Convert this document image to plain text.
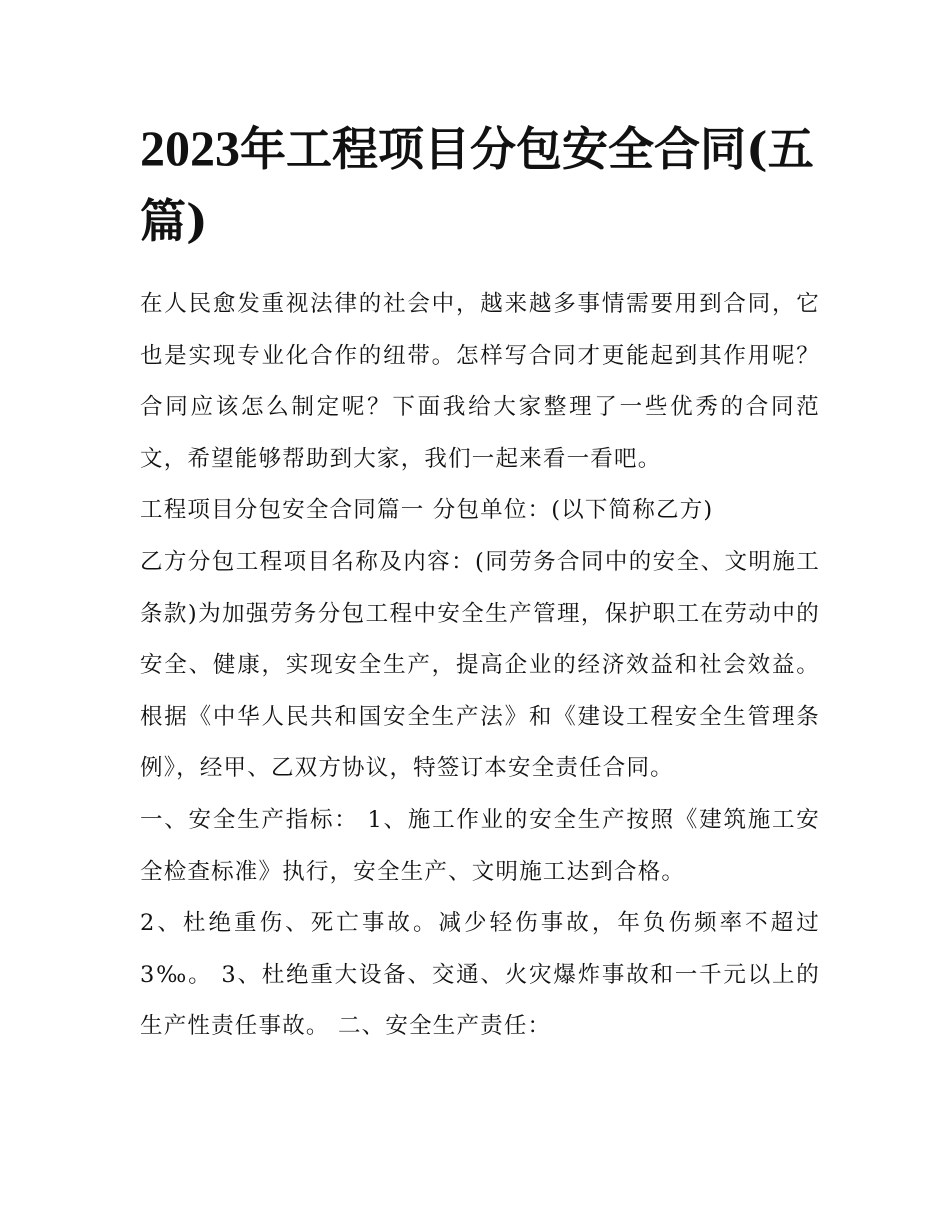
2023年工程项目分包安全合同(五篇)

在人民愈发重视法律的社会中，越来越多事情需要用到合同，它也是实现专业化合作的纽带。怎样写合同才更能起到其作用呢？合同应该怎么制定呢？下面我给大家整理了一些优秀的合同范文，希望能够帮助到大家，我们一起来看一看吧。

工程项目分包安全合同篇一 分包单位：(以下简称乙方)

乙方分包工程项目名称及内容：(同劳务合同中的安全、文明施工条款)为加强劳务分包工程中安全生产管理，保护职工在劳动中的安全、健康，实现安全生产，提高企业的经济效益和社会效益。根据《中华人民共和国安全生产法》和《建设工程安全生管理条例》，经甲、乙双方协议，特签订本安全责任合同。

一、安全生产指标： 1、施工作业的安全生产按照《建筑施工安全检查标准》执行，安全生产、文明施工达到合格。

2、杜绝重伤、死亡事故。减少轻伤事故，年负伤频率不超过3‰。 3、杜绝重大设备、交通、火灾爆炸事故和一千元以上的生产性责任事故。 二、安全生产责任：
